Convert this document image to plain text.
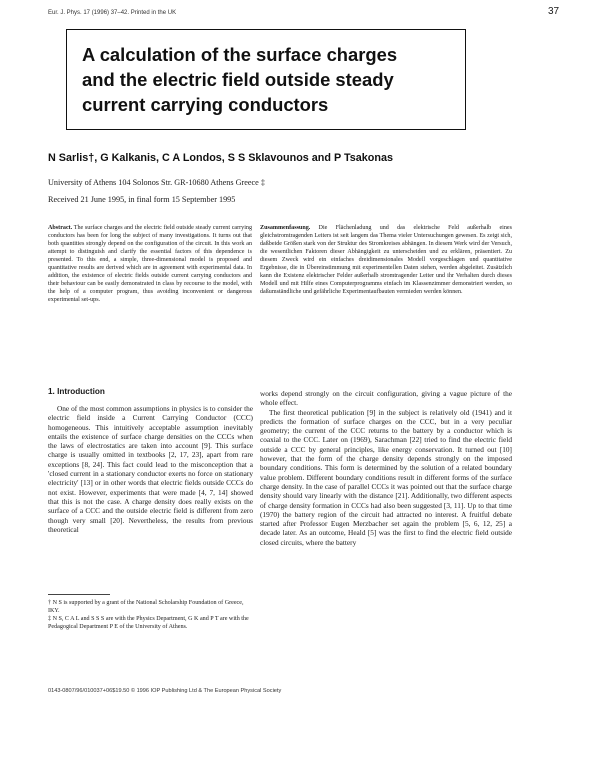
Eur. J. Phys. 17 (1996) 37–42. Printed in the UK	37
A calculation of the surface charges
and the electric field outside steady
current carrying conductors
N Sarlis†, G Kalkanis, C A Londos, S S Sklavounos and P Tsakonas
University of Athens 104 Solonos Str. GR-10680 Athens Greece ‡
Received 21 June 1995, in final form 15 September 1995
Abstract. The surface charges and the electric field outside steady current carrying conductors has been for long the subject of many investigations. It turns out that both quantities strongly depend on the configuration of the circuit. In this work an attempt to distinguish and clarify the essential factors of this dependence is presented. To this end, a simple, three-dimensional model is proposed and quantitative results are derived which are in agreement with experimental data. In addition, the existence of electric fields outside current carrying conductors and their behaviour can be easily demonstrated in class by recourse to the model, with the help of a computer program, thus avoiding inconvenient or dangerous experimental set-ups.
Zusammenfassung. Die Flächenladung und das elektrische Feld außerhalb eines gleichstromtragenden Leiters ist seit langem das Thema vieler Untersuchungen gewesen. Es zeigt sich, daßbeide Größen stark von der Struktur des Stromkreises abhängen. In diesem Werk wird der Versuch, die wesentlichen Faktoren dieser Abhängigkeit zu unterscheiden und zu erklären, präsentiert. Zu diesem Zweck wird ein einfaches dreidimensionales Modell vorgeschlagen und quantitative Ergebnisse, die in Übereinstimmung mit experimentellen Daten stehen, werden abgeleitet. Zusätzlich kann die Existenz elektrischer Felder außerhalb stromtragender Leiter und ihr Verhalten durch dieses Modell und mit Hilfe eines Computerprogramms einfach im Klassenzimmer demonstriert werden, so daßumständliche und gefährliche Experimentaufbauten vermieden werden können.
1. Introduction

One of the most common assumptions in physics is to consider the electric field inside a Current Carrying Conductor (CCC) homogeneous. This intuitively acceptable assumption inevitably entails the existence of surface charge densities on the CCCs when the laws of electrostatics are taken into account [9]. This surface charge is usually omitted in textbooks [2, 17, 23], apart from rare exceptions [8, 24]. This fact could lead to the misconception that a 'closed current in a stationary conductor exerts no force on stationary electricity' [13] or in other words that electric fields outside CCCs do not exist. However, experiments that were made [4, 7, 14] showed that this is not the case. A charge density does really exists on the surface of a CCC and the outside electric field is different from zero though very small [20]. Nevertheless, the results from previous theoretical

works depend strongly on the circuit configuration, giving a vague picture of the whole effect.

The first theoretical publication [9] in the subject is relatively old (1941) and it predicts the formation of surface charges on the CCC, but in a very peculiar geometry; the current of the CCC returns to the battery by a conductor which is coaxial to the CCC. Later on (1969), Sarachman [22] tried to find the electric field outside a CCC by general principles, like energy conservation. It turned out [10] however, that the form of the charge density depends strongly on the imposed boundary conditions. This form is determined by the solution of a related boundary value problem. Different boundary conditions result in different forms of the surface charge density. In the case of parallel CCCs it was pointed out that the surface charge density should vary linearly with the distance [21]. Additionally, two different aspects of charge density formation in CCCs had also been suggested [3, 11]. Up to that time (1970) the battery region of the circuit had attracted no interest. A fruitful debate started after Professor Eugen Merzbacher set again the problem [5, 6, 12, 25] a decade later. As an outcome, Heald [5] was the first to find the electric field outside closed circuits, where the battery

† N S is supported by a grant of the National Scholarship Foundation of Greece, IKY.

‡ N S, C A L and S S S are with the Physics Department, G K and P T are with the Pedagogical Department P E of the University of Athens.

0143-0807/96/010037+06$19.50 © 1996 IOP Publishing Ltd & The European Physical Society
